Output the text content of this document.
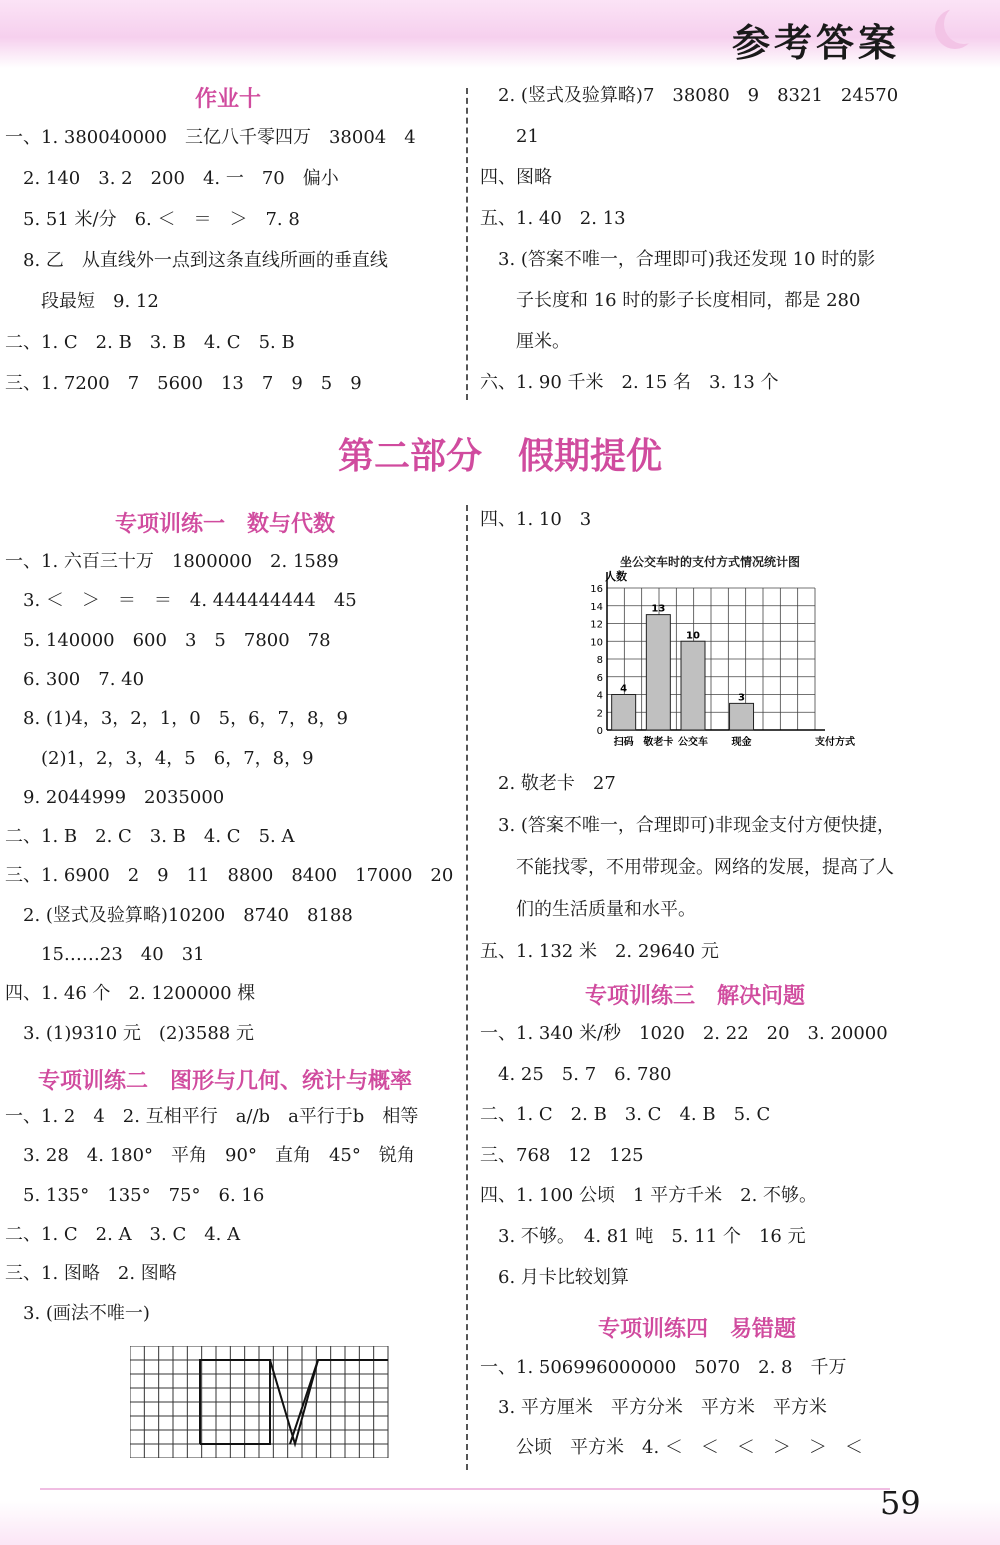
参考答案
作业十
一、1. 380040000　三亿八千零四万　38004　4
　2. 140　3. 2　200　4. 一　70　偏小
　5. 51 米/分　6. ＜　＝　＞　7. 8
　8. 乙　从直线外一点到这条直线所画的垂直线
　　段最短　9. 12
二、1. C　2. B　3. B　4. C　5. B
三、1. 7200　7　5600　13　7　9　5　9
　2. (竖式及验算略)7　38080　9　8321　24570
　　21
四、图略
五、1. 40　2. 13
　3. (答案不唯一，合理即可)我还发现 10 时的影
　　子长度和 16 时的影子长度相同，都是 280
　　厘米。
六、1. 90 千米　2. 15 名　3. 13 个
第二部分　假期提优
专项训练一　数与代数
一、1. 六百三十万　1800000　2. 1589
　3. ＜　＞　＝　＝　4. 444444444　45
　5. 140000　600　3　5　7800　78
　6. 300　7. 40
　8. (1)4，3，2，1，0　5，6，7，8，9
　　(2)1，2，3，4，5　6，7，8，9
　9. 2044999　2035000
二、1. B　2. C　3. B　4. C　5. A
三、1. 6900　2　9　11　8800　8400　17000　20
　2. (竖式及验算略)10200　8740　8188
　　15……23　40　31
四、1. 46 个　2. 1200000 棵
　3. (1)9310 元　(2)3588 元
专项训练二　图形与几何、统计与概率
一、1. 2　4　2. 互相平行　a//b　a平行于b　相等
　3. 28　4. 180°　平角　90°　直角　45°　锐角
　5. 135°　135°　75°　6. 16
二、1. C　2. A　3. C　4. A
三、1. 图略　2. 图略
　3. (画法不唯一)
四、1. 10　3
坐公交车时的支付方式情况统计图
0
2
4
6
8
10
12
14
16
人数
4
扫码
13
敬老卡
10
公交车
3
现金	支付方式
　2. 敬老卡　27
　3. (答案不唯一，合理即可)非现金支付方便快捷，
　　不能找零，不用带现金。网络的发展，提高了人
　　们的生活质量和水平。
五、1. 132 米　2. 29640 元
专项训练三　解决问题
一、1. 340 米/秒　1020　2. 22　20　3. 20000
　4. 25　5. 7　6. 780
二、1. C　2. B　3. C　4. B　5. C
三、768　12　125
四、1. 100 公顷　1 平方千米　2. 不够。
　3. 不够。　4. 81 吨　5. 11 个　16 元
　6. 月卡比较划算
专项训练四　易错题
一、1. 506996000000　5070　2. 8　千万
　3. 平方厘米　平方分米　平方米　平方米
　　公顷　平方米　4. ＜　＜　＜　＞　＞　＜
59
